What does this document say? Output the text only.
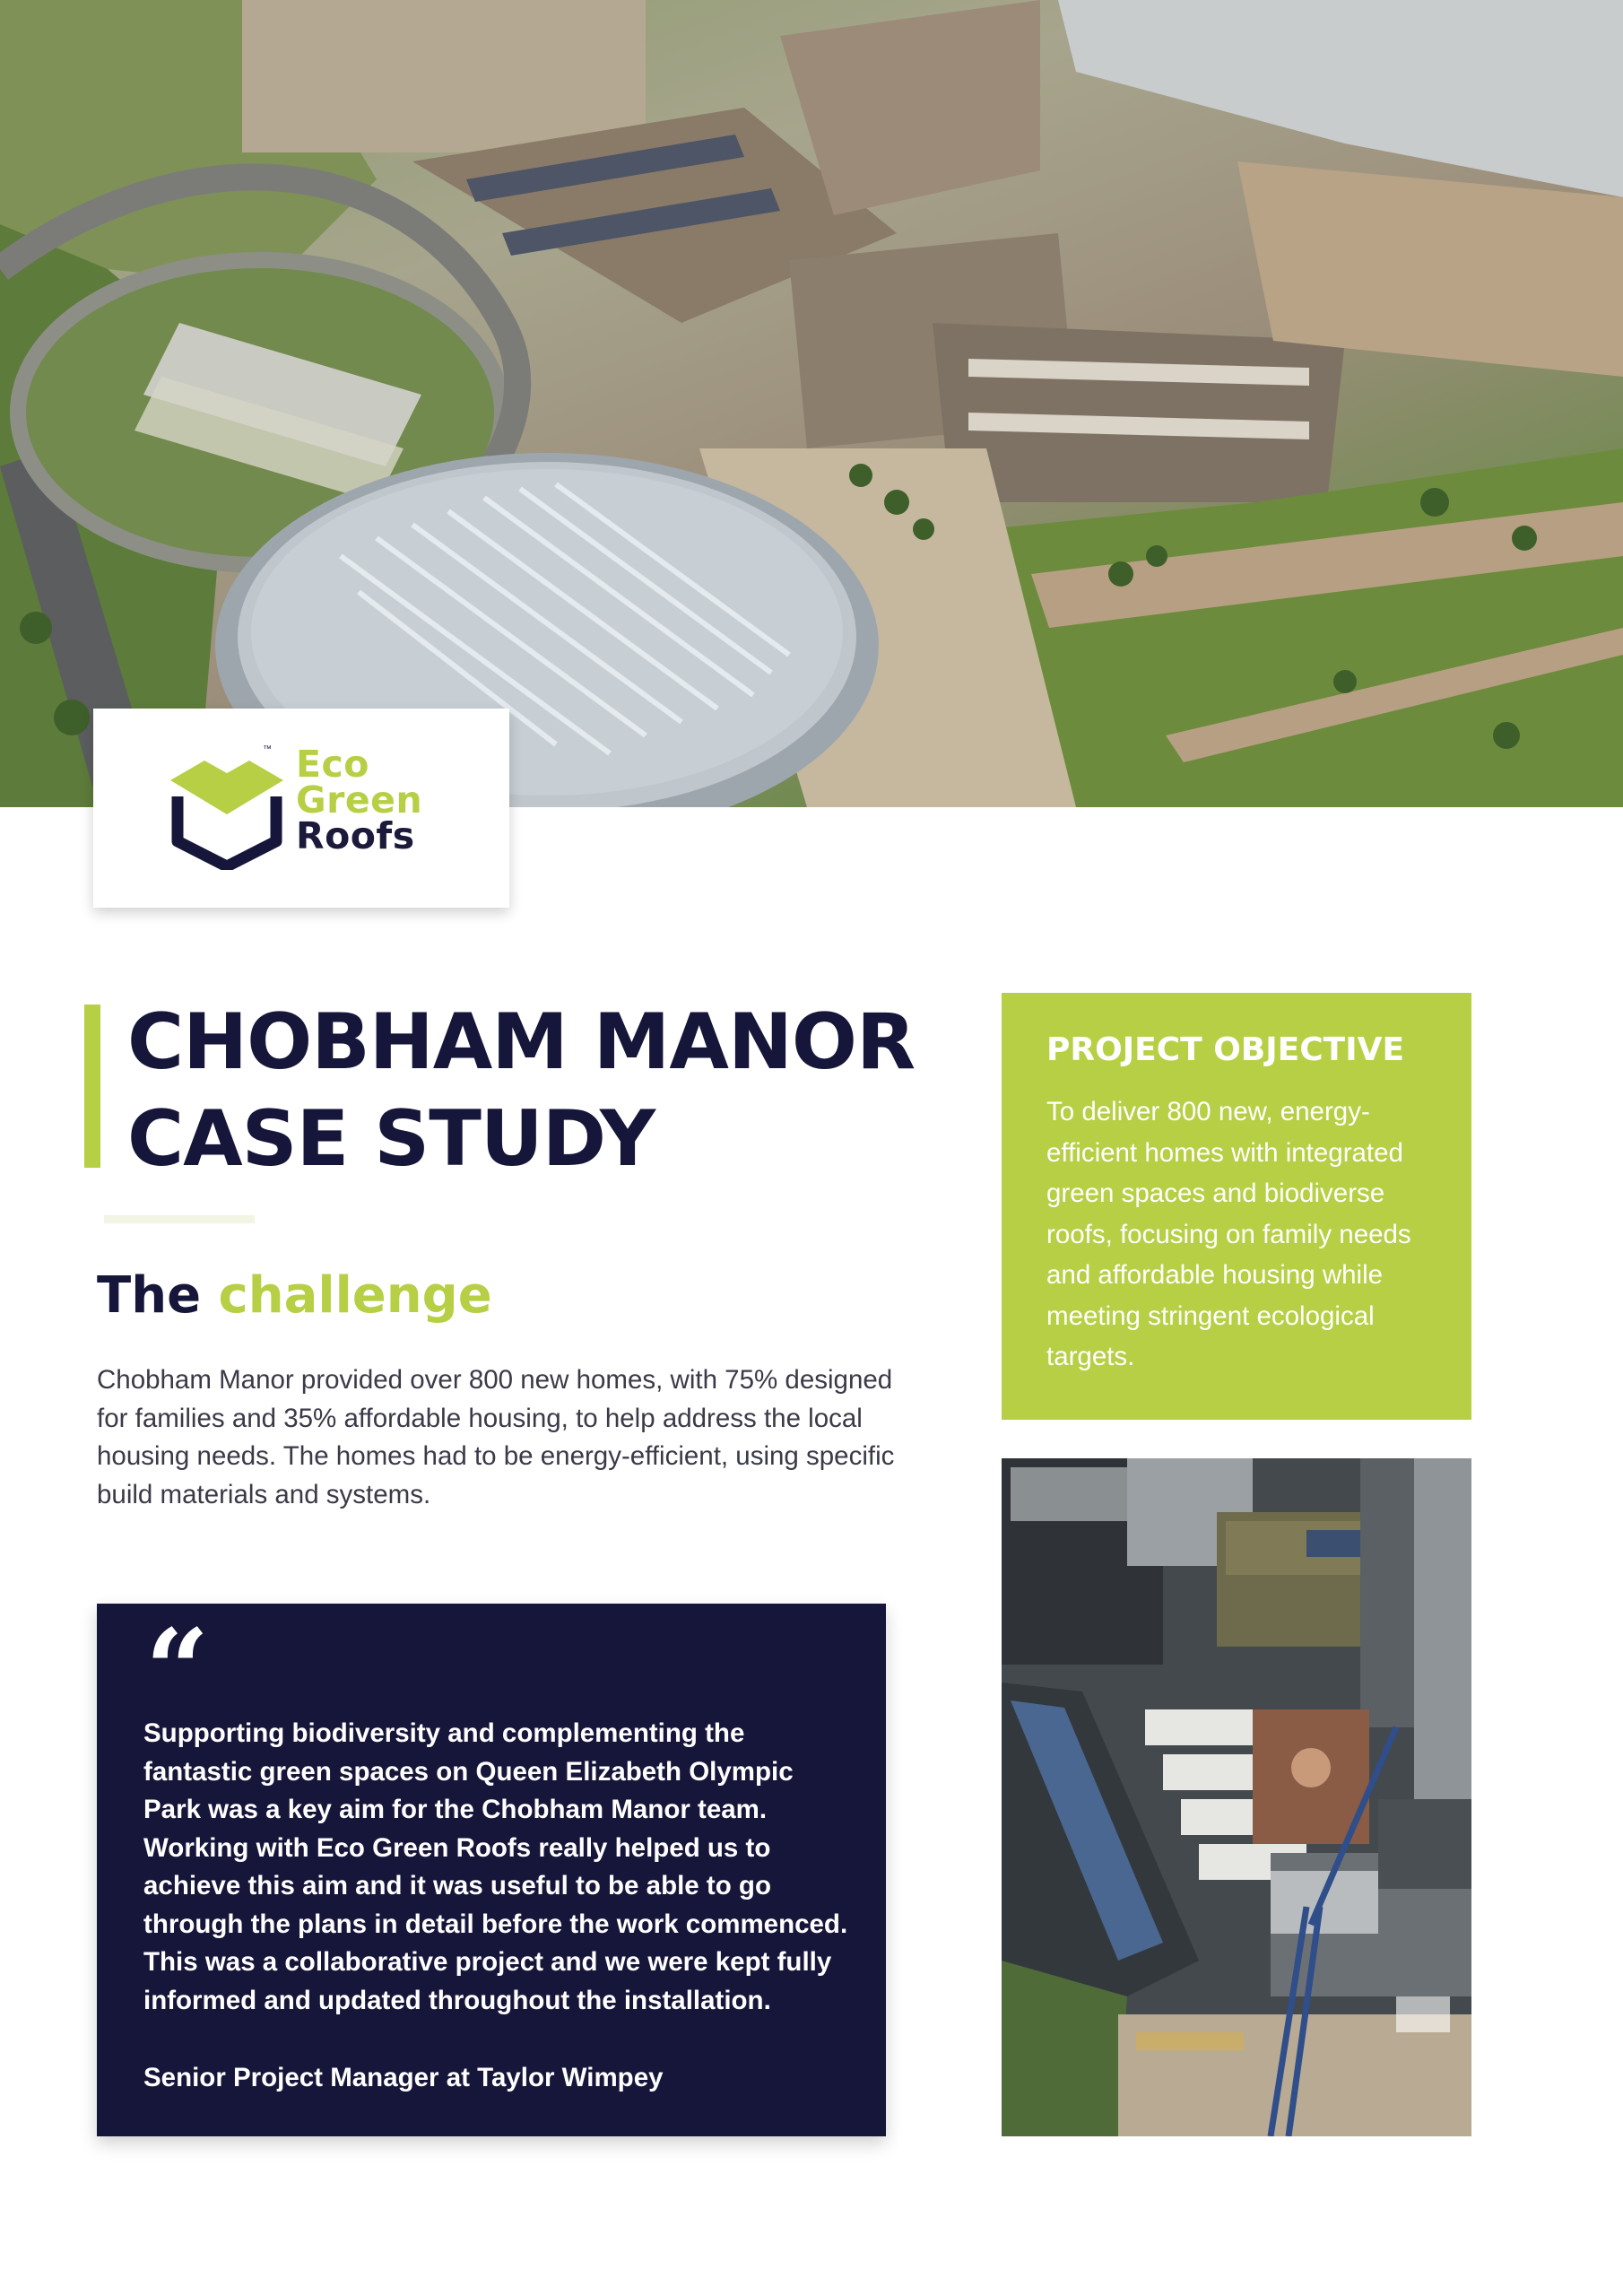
™ Eco
Green
Roofs
CHOBHAM MANOR
CASE STUDY
The challenge

Chobham Manor provided over 800 new homes, with 75% designed for families and 35% affordable housing, to help address the local housing needs. The homes had to be energy-efficient, using specific build materials and systems.

“

Supporting biodiversity and complementing the fantastic green spaces on Queen Elizabeth Olympic Park was a key aim for the Chobham Manor team. Working with Eco Green Roofs really helped us to achieve this aim and it was useful to be able to go through the plans in detail before the work commenced. This was a collaborative project and we were kept fully informed and updated throughout the installation.

Senior Project Manager at Taylor Wimpey

PROJECT OBJECTIVE

To deliver 800 new, energy-efficient homes with integrated green spaces and biodiverse roofs, focusing on family needs and affordable housing while meeting stringent ecological targets.
